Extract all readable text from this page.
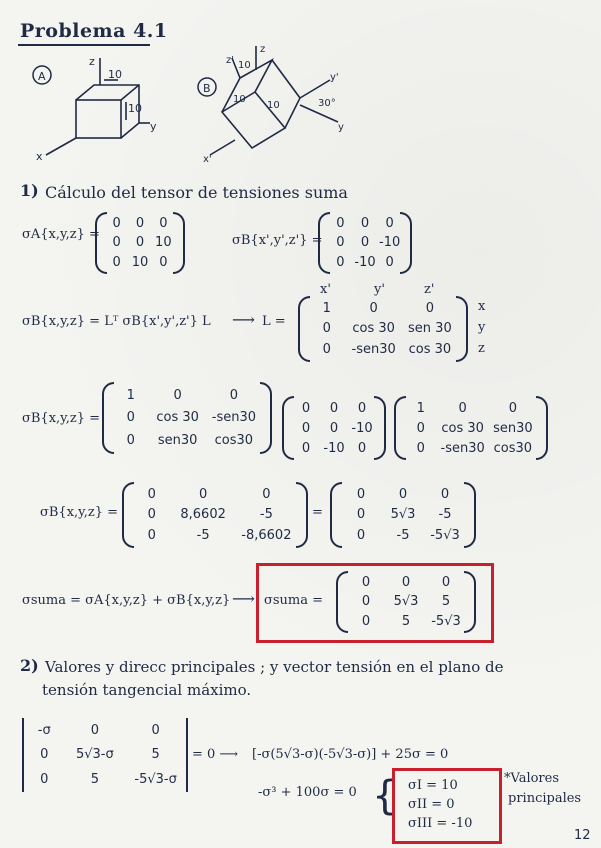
Problema 4.1
A
B
z
x
y
10
10
z'
z
10
10
10
y'
30°
y
x'
1) Cálculo del tensor de tensiones suma
σA{x,y,z} =
0 0 0
0 0 10
0 10 0
σB{x',y',z'} =
0 0 0
0 0 -10
0 -10 0
σB{x,y,z} = Lᵀ σB{x',y',z'} L ⟶ L =
x'	y'	z'
1	0	0
0 cos 30 sen 30
0 -sen30 cos 30
x
y
z
σB{x,y,z} =
1	0	0
0 cos 30 -sen30
0 sen30 cos30
0 0 0
0 0 -10
0 -10 0
1	0	0
0 cos 30 sen30
0 -sen30 cos30
σB{x,y,z} =
0	0	0
0 8,6602	-5
0	-5 -8,6602
=
0	0	0
0 5√3 -5
0 -5 -5√3
σsuma = σA{x,y,z} + σB{x,y,z} ⟶ σsuma =
0 0 0
0 5√3 5
0 5 -5√3
2) Valores y direcc principales ; y vector tensión en el plano de
tensión tangencial máximo.
-σ	0	0
0 5√3-σ	5
0	5	-5√3-σ
= 0 ⟶ [-σ(5√3-σ)(-5√3-σ)] + 25σ = 0
-σ³ + 100σ = 0 { σI = 10
σII = 0
σIII = -10
*Valores
principales
12
